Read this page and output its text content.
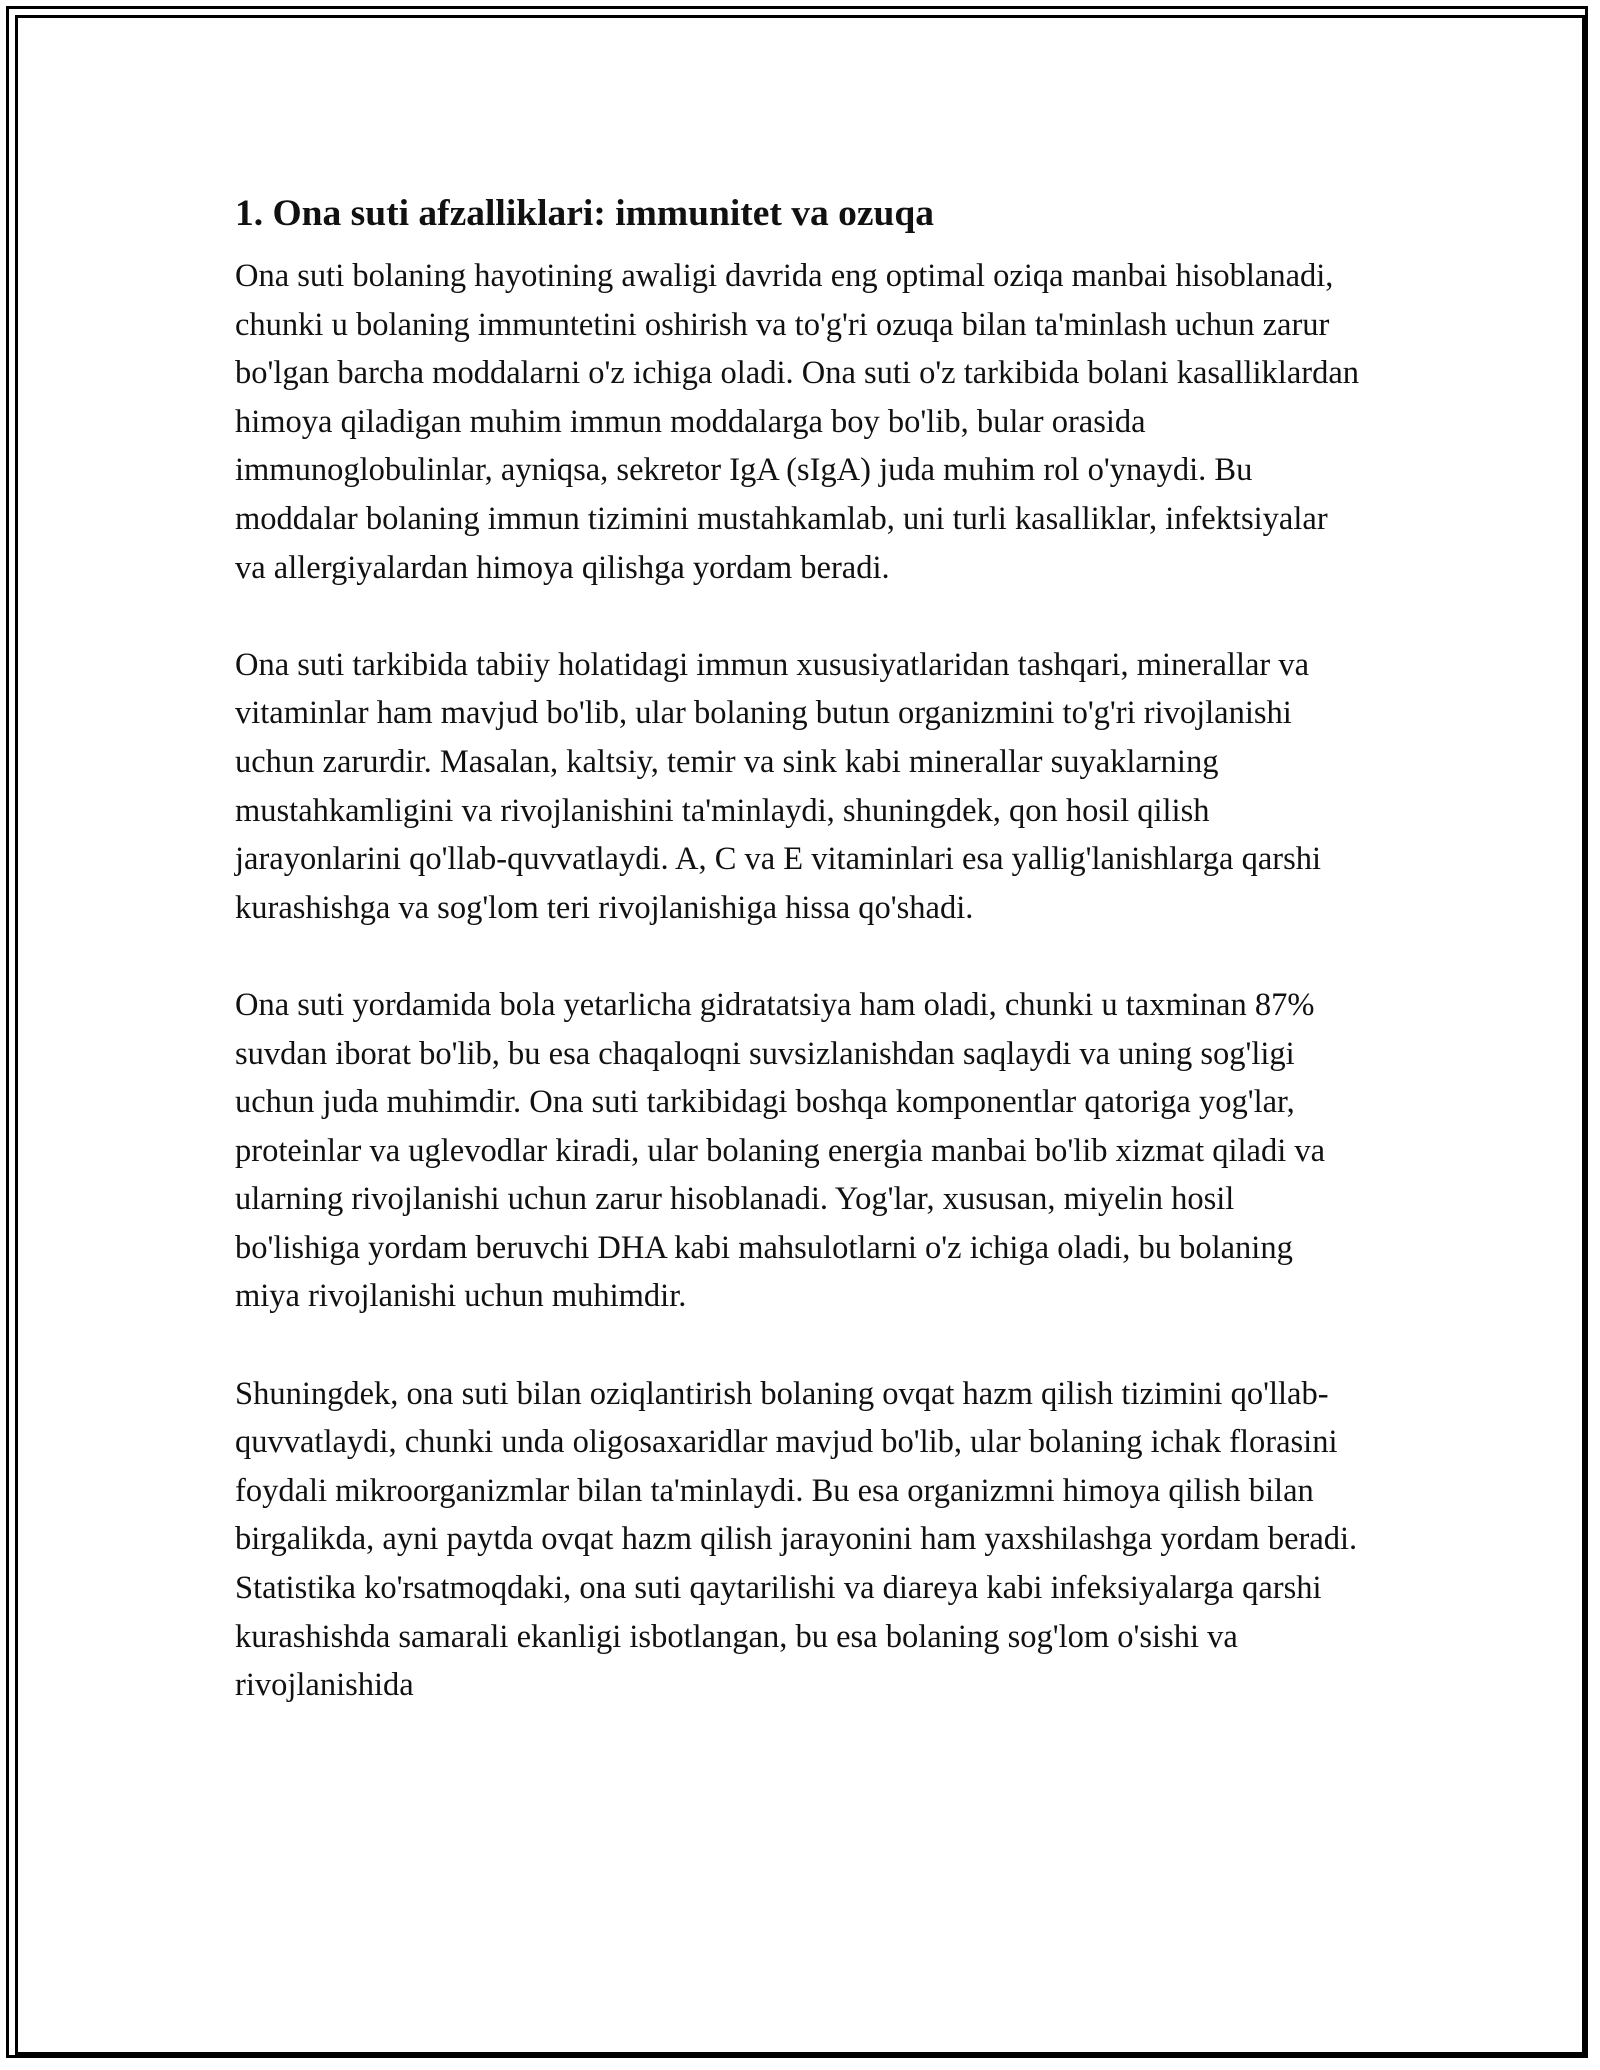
1. Ona suti afzalliklari: immunitet va ozuqa

Ona suti bolaning hayotining awaligi davrida eng optimal oziqa manbai hisoblanadi, chunki u bolaning immuntetini oshirish va to'g'ri ozuqa bilan ta'minlash uchun zarur bo'lgan barcha moddalarni o'z ichiga oladi. Ona suti o'z tarkibida bolani kasalliklardan himoya qiladigan muhim immun moddalarga boy bo'lib, bular orasida immunoglobulinlar, ayniqsa, sekretor IgA (sIgA) juda muhim rol o'ynaydi. Bu moddalar bolaning immun tizimini mustahkamlab, uni turli kasalliklar, infektsiyalar va allergiyalardan himoya qilishga yordam beradi.

Ona suti tarkibida tabiiy holatidagi immun xususiyatlaridan tashqari, minerallar va vitaminlar ham mavjud bo'lib, ular bolaning butun organizmini to'g'ri rivojlanishi uchun zarurdir. Masalan, kaltsiy, temir va sink kabi minerallar suyaklarning mustahkamligini va rivojlanishini ta'minlaydi, shuningdek, qon hosil qilish jarayonlarini qo'llab-quvvatlaydi. A, C va E vitaminlari esa yallig'lanishlarga qarshi kurashishga va sog'lom teri rivojlanishiga hissa qo'shadi.

Ona suti yordamida bola yetarlicha gidratatsiya ham oladi, chunki u taxminan 87% suvdan iborat bo'lib, bu esa chaqaloqni suvsizlanishdan saqlaydi va uning sog'ligi uchun juda muhimdir. Ona suti tarkibidagi boshqa komponentlar qatoriga yog'lar, proteinlar va uglevodlar kiradi, ular bolaning energia manbai bo'lib xizmat qiladi va ularning rivojlanishi uchun zarur hisoblanadi. Yog'lar, xususan, miyelin hosil bo'lishiga yordam beruvchi DHA kabi mahsulotlarni o'z ichiga oladi, bu bolaning miya rivojlanishi uchun muhimdir.

Shuningdek, ona suti bilan oziqlantirish bolaning ovqat hazm qilish tizimini qo'llab-quvvatlaydi, chunki unda oligosaxaridlar mavjud bo'lib, ular bolaning ichak florasini foydali mikroorganizmlar bilan ta'minlaydi. Bu esa organizmni himoya qilish bilan birgalikda, ayni paytda ovqat hazm qilish jarayonini ham yaxshilashga yordam beradi. Statistika ko'rsatmoqdaki, ona suti qaytarilishi va diareya kabi infeksiyalarga qarshi kurashishda samarali ekanligi isbotlangan, bu esa bolaning sog'lom o'sishi va rivojlanishida
